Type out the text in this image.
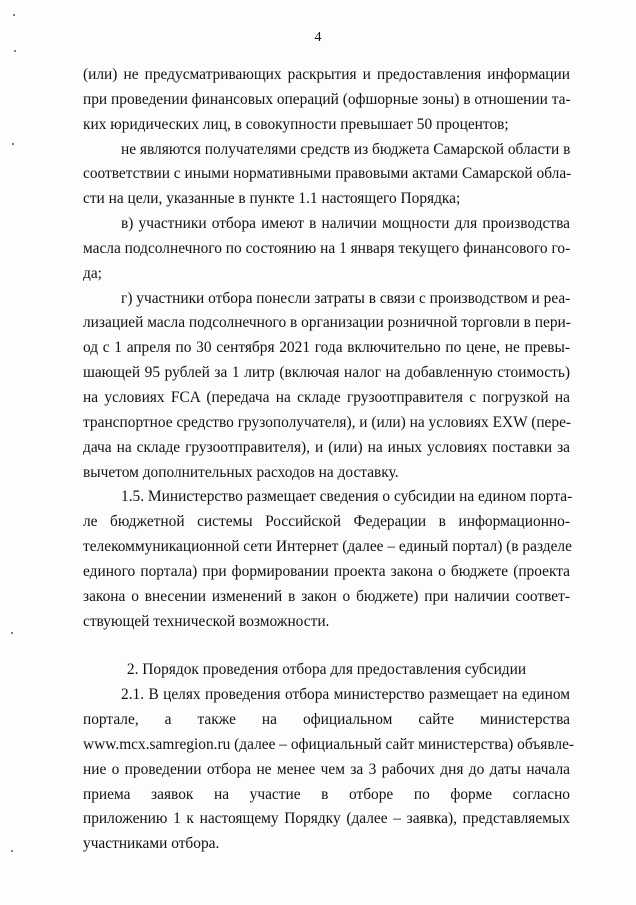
4
(или) не предусматривающих раскрытия и предоставления информации
при проведении финансовых операций (офшорные зоны) в отношении та-
ких юридических лиц, в совокупности превышает 50 процентов;
не являются получателями средств из бюджета Самарской области в
соответствии с иными нормативными правовыми актами Самарской обла-
сти на цели, указанные в пункте 1.1 настоящего Порядка;
в) участники отбора имеют в наличии мощности для производства
масла подсолнечного по состоянию на 1 января текущего финансового го-
да;
г) участники отбора понесли затраты в связи с производством и реа-
лизацией масла подсолнечного в организации розничной торговли в пери-
од с 1 апреля по 30 сентября 2021 года включительно по цене, не превы-
шающей 95 рублей за 1 литр (включая налог на добавленную стоимость)
на условиях FCA (передача на складе грузоотправителя с погрузкой на
транспортное средство грузополучателя), и (или) на условиях EXW (пере-
дача на складе грузоотправителя), и (или) на иных условиях поставки за
вычетом дополнительных расходов на доставку.
1.5. Министерство размещает сведения о субсидии на едином порта-
ле бюджетной системы Российской Федерации в информационно-
телекоммуникационной сети Интернет (далее – единый портал) (в разделе
единого портала) при формировании проекта закона о бюджете (проекта
закона о внесении изменений в закон о бюджете) при наличии соответ-
ствующей технической возможности.
2. Порядок проведения отбора для предоставления субсидии
2.1. В целях проведения отбора министерство размещает на едином
портале, а также на официальном сайте министерства
www.mcx.samregion.ru (далее – официальный сайт министерства) объявле-
ние о проведении отбора не менее чем за 3 рабочих дня до даты начала
приема заявок на участие в отборе по форме согласно
приложению 1 к настоящему Порядку (далее – заявка), представляемых
участниками отбора.
